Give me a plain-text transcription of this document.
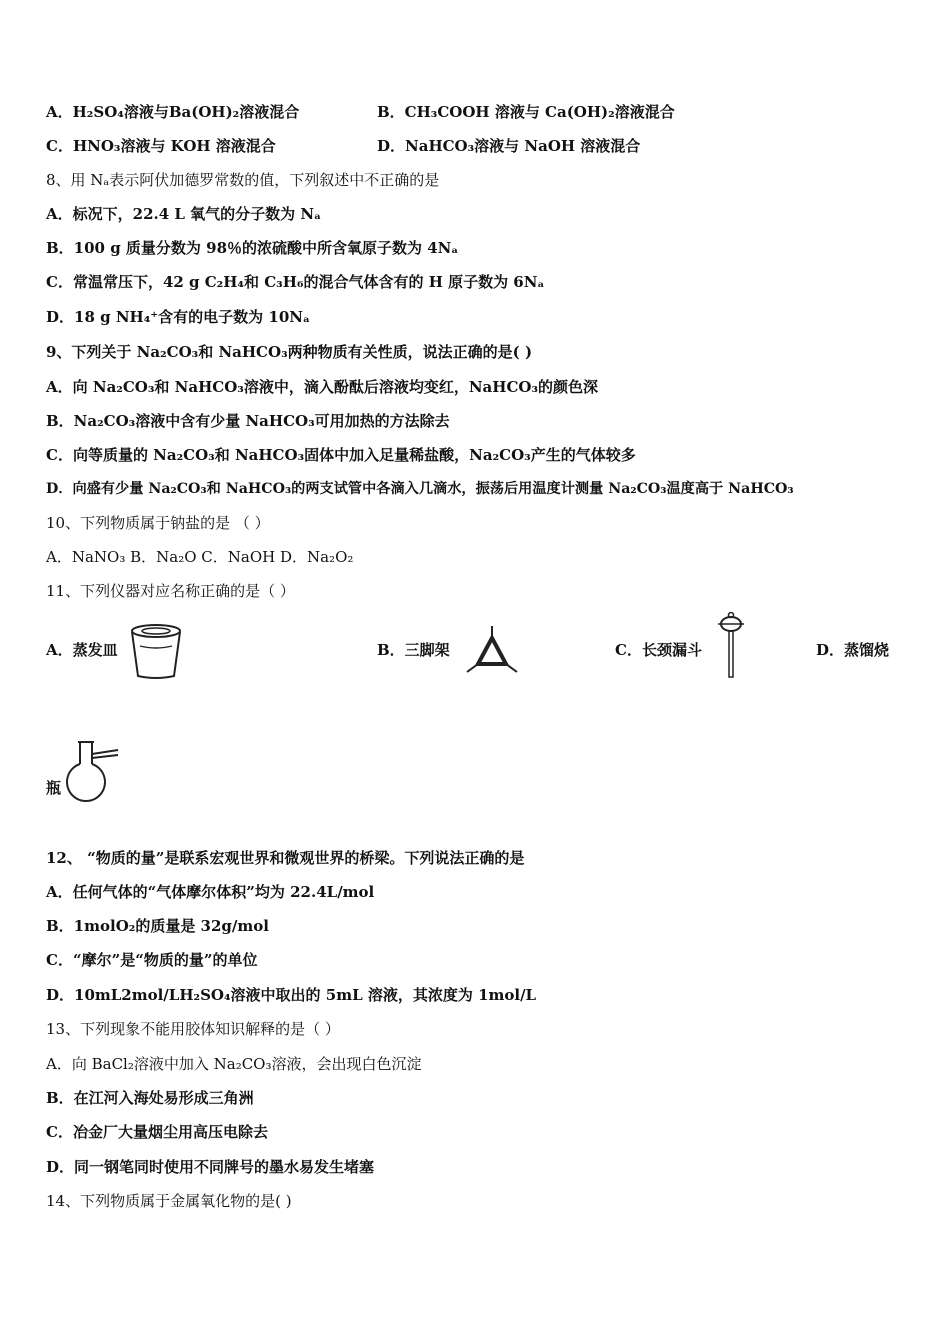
A．H₂SO₄溶液与Ba(OH)₂溶液混合	B．CH₃COOH 溶液与 Ca(OH)₂溶液混合
C．HNO₃溶液与 KOH 溶液混合	D．NaHCO₃溶液与 NaOH 溶液混合
8、用 Nₐ表示阿伏加德罗常数的值，下列叙述中不正确的是
A．标况下，22.4 L 氧气的分子数为 Nₐ
B．100 g 质量分数为 98％的浓硫酸中所含氧原子数为 4Nₐ
C．常温常压下，42 g C₂H₄和 C₃H₆的混合气体含有的 H 原子数为 6Nₐ
D．18 g NH₄⁺含有的电子数为 10Nₐ
9、下列关于 Na₂CO₃和 NaHCO₃两种物质有关性质，说法正确的是( )
A．向 Na₂CO₃和 NaHCO₃溶液中，滴入酚酞后溶液均变红，NaHCO₃的颜色深
B．Na₂CO₃溶液中含有少量 NaHCO₃可用加热的方法除去
C．向等质量的 Na₂CO₃和 NaHCO₃固体中加入足量稀盐酸，Na₂CO₃产生的气体较多
D．向盛有少量 Na₂CO₃和 NaHCO₃的两支试管中各滴入几滴水，振荡后用温度计测量 Na₂CO₃温度高于 NaHCO₃
10、下列物质属于钠盐的是 （ ）
A．NaNO₃ B．Na₂O C．NaOH D．Na₂O₂
11、下列仪器对应名称正确的是（ ）
A．蒸发皿	B．三脚架	C．长颈漏斗	D．蒸馏烧
瓶
12、 “物质的量”是联系宏观世界和微观世界的桥梁。下列说法正确的是
A．任何气体的“气体摩尔体积”均为 22.4L/mol
B．1molO₂的质量是 32g/mol
C．“摩尔”是“物质的量”的单位
D．10mL2mol/LH₂SO₄溶液中取出的 5mL 溶液，其浓度为 1mol/L
13、下列现象不能用胶体知识解释的是（ ）
A．向 BaCl₂溶液中加入 Na₂CO₃溶液，会出现白色沉淀
B．在江河入海处易形成三角洲
C．冶金厂大量烟尘用高压电除去
D．同一钢笔同时使用不同牌号的墨水易发生堵塞
14、下列物质属于金属氧化物的是( )
